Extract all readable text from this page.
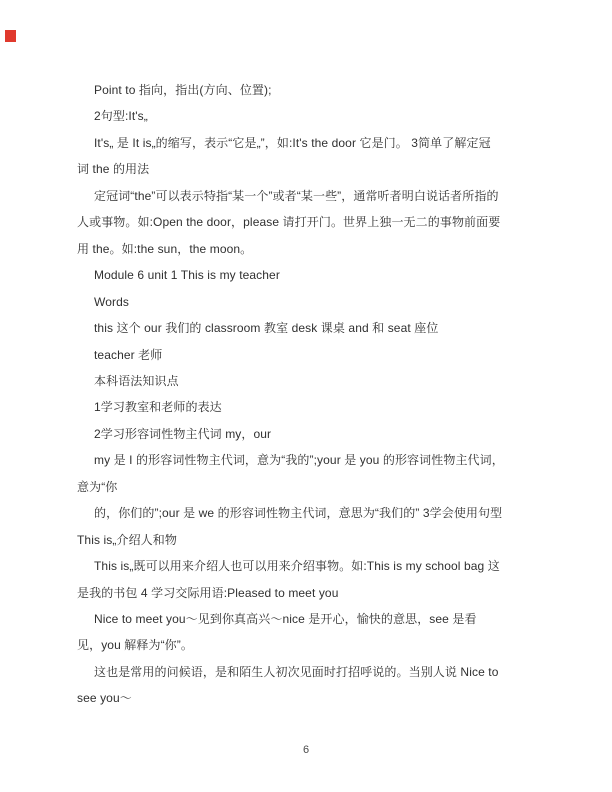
Point to 指向，指出(方向、位置);
2句型:It's„
It's„ 是 It is„的缩写，表示“它是„”，如:It's the door 它是门。 3简单了解定冠
词 the 的用法
定冠词“the”可以表示特指“某一个”或者“某一些”，通常听者明白说话者所指的
人或事物。如:Open the door，please 请打开门。世界上独一无二的事物前面要
用 the。如:the sun，the moon。
Module 6 unit 1 This is my teacher
Words
this 这个 our 我们的 classroom 教室 desk 课桌 and 和 seat 座位
teacher 老师
本科语法知识点
1学习教室和老师的表达
2学习形容词性物主代词 my，our
my 是 I 的形容词性物主代词，意为“我的”;your 是 you 的形容词性物主代词，
意为“你
的，你们的”;our 是 we 的形容词性物主代词，意思为“我们的” 3学会使用句型
This is„介绍人和物
This is„既可以用来介绍人也可以用来介绍事物。如:This is my school bag 这
是我的书包 4 学习交际用语:Pleased to meet you
Nice to meet you～见到你真高兴～nice 是开心，愉快的意思，see 是看
见，you 解释为“你”。
这也是常用的问候语，是和陌生人初次见面时打招呼说的。当别人说 Nice to
see you～
6
